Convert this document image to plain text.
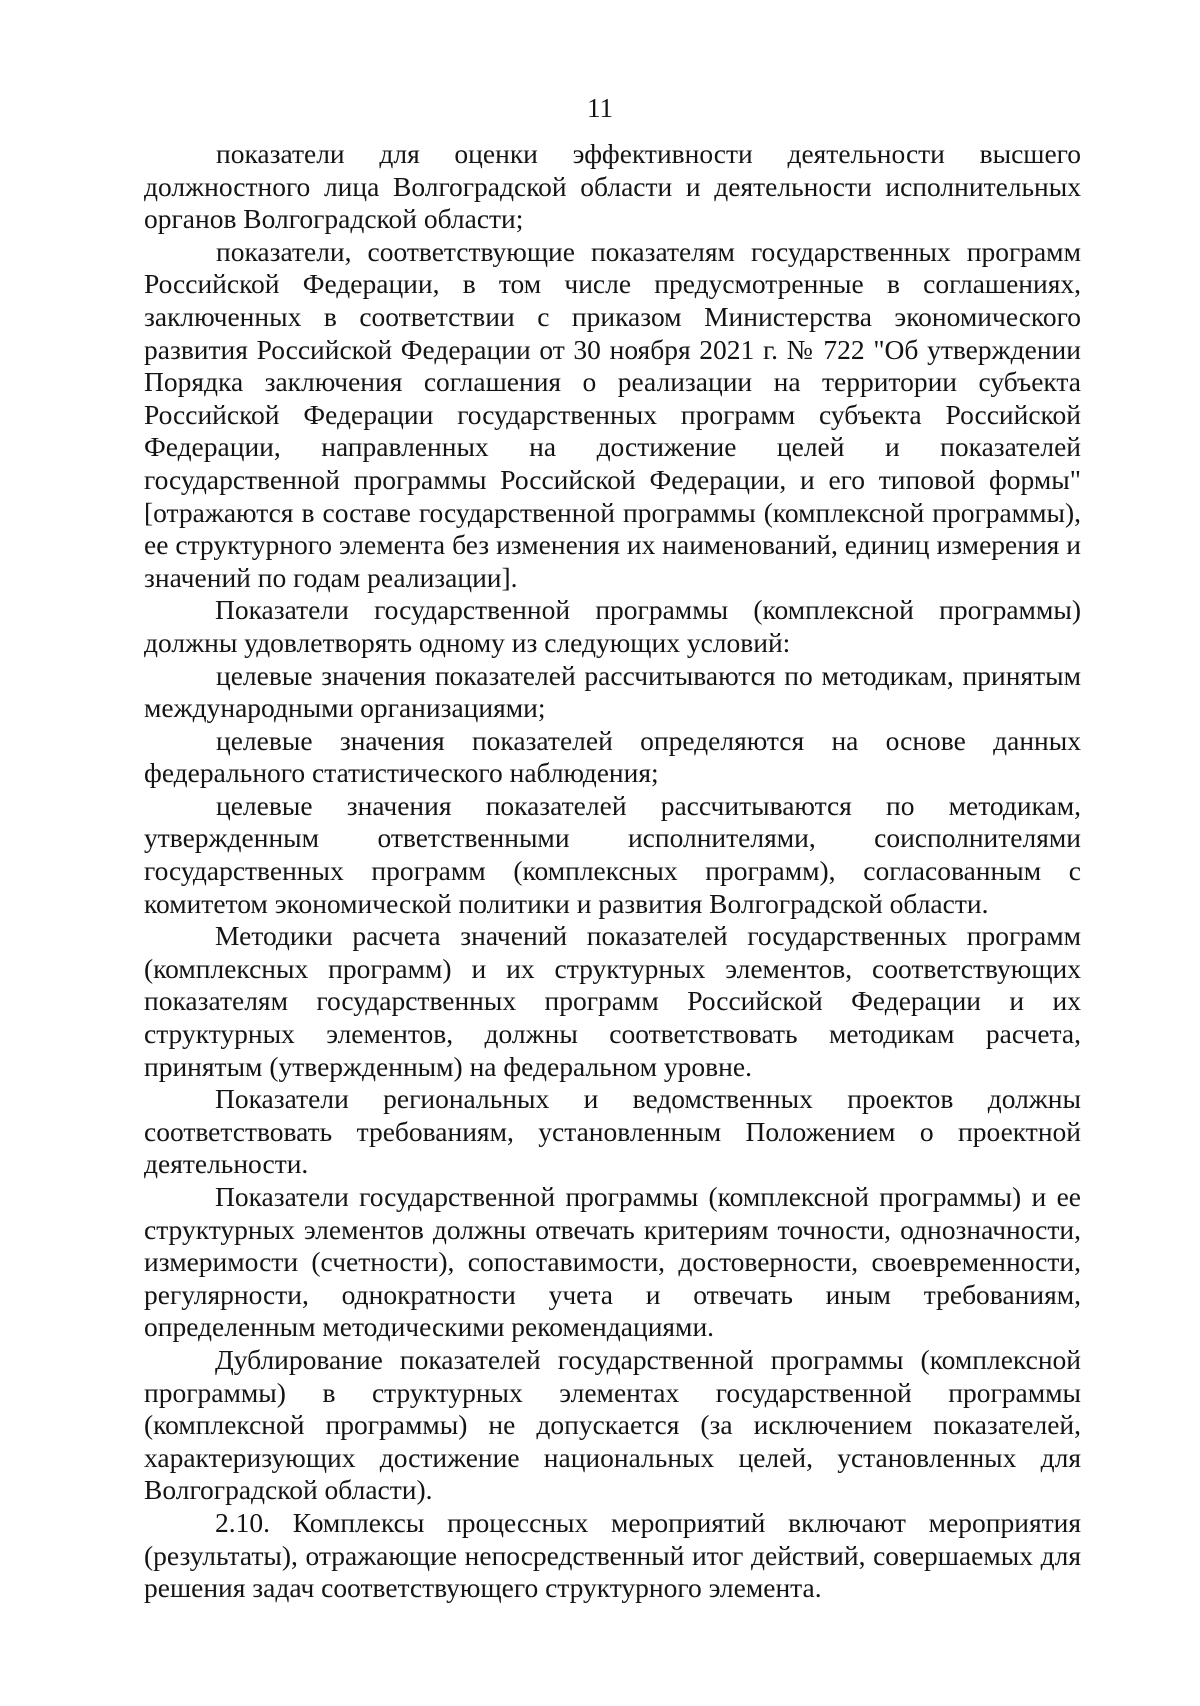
11

показатели для оценки эффективности деятельности высшего должностного лица Волгоградской области и деятельности исполнительных органов Волгоградской области;

показатели, соответствующие показателям государственных программ Российской Федерации, в том числе предусмотренные в соглашениях, заключенных в соответствии с приказом Министерства экономического развития Российской Федерации от 30 ноября 2021 г. № 722 "Об утверждении Порядка заключения соглашения о реализации на территории субъекта Российской Федерации государственных программ субъекта Российской Федерации, направленных на достижение целей и показателей государственной программы Российской Федерации, и его типовой формы" [отражаются в составе государственной программы (комплексной программы), ее структурного элемента без изменения их наименований, единиц измерения и значений по годам реализации].

Показатели государственной программы (комплексной программы) должны удовлетворять одному из следующих условий:

целевые значения показателей рассчитываются по методикам, принятым международными организациями;

целевые значения показателей определяются на основе данных федерального статистического наблюдения;

целевые значения показателей рассчитываются по методикам, утвержденным ответственными исполнителями, соисполнителями государственных программ (комплексных программ), согласованным с комитетом экономической политики и развития Волгоградской области.

Методики расчета значений показателей государственных программ (комплексных программ) и их структурных элементов, соответствующих показателям государственных программ Российской Федерации и их структурных элементов, должны соответствовать методикам расчета, принятым (утвержденным) на федеральном уровне.

Показатели региональных и ведомственных проектов должны соответствовать требованиям, установленным Положением о проектной деятельности.

Показатели государственной программы (комплексной программы) и ее структурных элементов должны отвечать критериям точности, однозначности, измеримости (счетности), сопоставимости, достоверности, своевременности, регулярности, однократности учета и отвечать иным требованиям, определенным методическими рекомендациями.

Дублирование показателей государственной программы (комплексной программы) в структурных элементах государственной программы (комплексной программы) не допускается (за исключением показателей, характеризующих достижение национальных целей, установленных для Волгоградской области).

2.10. Комплексы процессных мероприятий включают мероприятия (результаты), отражающие непосредственный итог действий, совершаемых для решения задач соответствующего структурного элемента.
